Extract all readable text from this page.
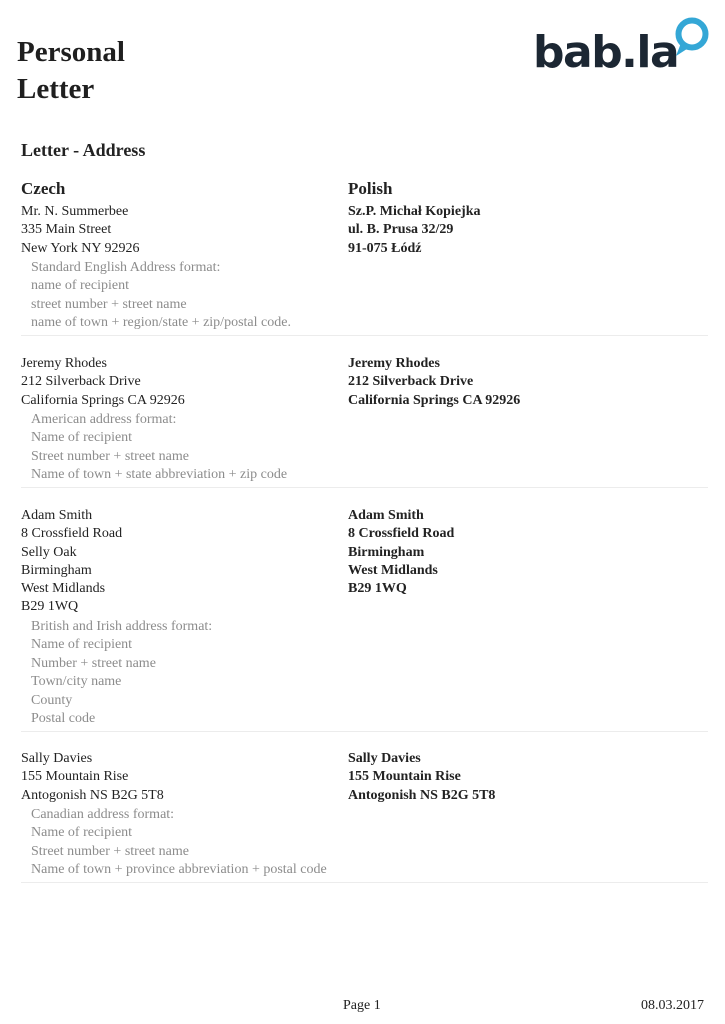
Personal
Letter
bab.la
Letter - Address
Czech	Polish
Mr. N. Summerbee
335 Main Street
New York NY 92926
Sz.P. Michał Kopiejka
ul. B. Prusa 32/29
91-075 Łódź
Standard English Address format:
name of recipient
street number + street name
name of town + region/state + zip/postal code.
Jeremy Rhodes
212 Silverback Drive
California Springs CA 92926
Jeremy Rhodes
212 Silverback Drive
California Springs CA 92926
American address format:
Name of recipient
Street number + street name
Name of town + state abbreviation + zip code
Adam Smith
8 Crossfield Road
Selly Oak
Birmingham
West Midlands
B29 1WQ
Adam Smith
8 Crossfield Road
Birmingham
West Midlands
B29 1WQ
British and Irish address format:
Name of recipient
Number + street name
Town/city name
County
Postal code
Sally Davies
155 Mountain Rise
Antogonish NS B2G 5T8
Sally Davies
155 Mountain Rise
Antogonish NS B2G 5T8
Canadian address format:
Name of recipient
Street number + street name
Name of town + province abbreviation + postal code
Page 1	08.03.2017
